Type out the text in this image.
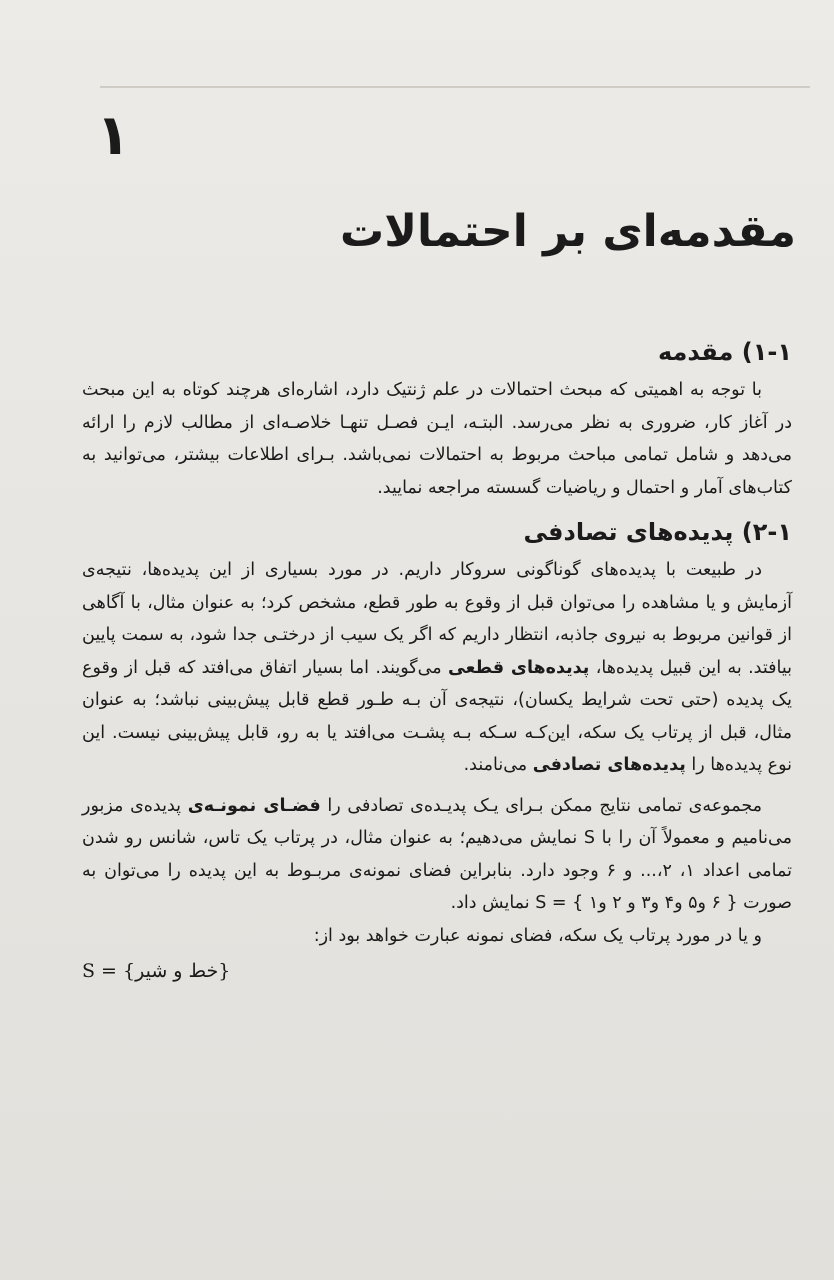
۱
مقدمه‌ای بر احتمالات
۱-۱) مقدمه

با توجه به اهمیتی که مبحث احتمالات در علم ژنتیک دارد، اشاره‌ای هرچند کوتاه به این مبحث در آغاز کار، ضروری به نظر می‌رسد. البتـه، ایـن فصـل تنهـا خلاصـه‌ای از مطالب لازم را ارائه می‌دهد و شامل تمامی مباحث مربوط به احتمالات نمی‌باشد. بـرای اطلاعات بیشتر، می‌توانید به کتاب‌های آمار و احتمال و ریاضیات گسسته مراجعه نمایید.

۲-۱) پدیده‌های تصادفی

در طبیعت با پدیده‌های گوناگونی سروکار داریم. در مورد بسیاری از این پدیده‌ها، نتیجه‌ی آزمایش و یا مشاهده را می‌توان قبل از وقوع به طور قطع، مشخص کرد؛ به عنوان مثال، با آگاهی از قوانین مربوط به نیروی جاذبه، انتظار داریم که اگر یک سیب از درختـی جدا شود، به سمت پایین بیافتد. به این قبیل پدیده‌ها، پدیده‌های قطعی می‌گویند. اما بسیار اتفاق می‌افتد که قبل از وقوع یک پدیده (حتی تحت شرایط یکسان)، نتیجه‌ی آن بـه طـور قطع قابل پیش‌بینی نباشد؛ به عنوان مثال، قبل از پرتاب یک سکه، این‌کـه سـکه بـه پشـت می‌افتد یا به رو، قابل پیش‌بینی نیست. این نوع پدیده‌ها را پدیده‌های تصادفی می‌نامند.

مجموعه‌ی تمامی نتایج ممکن بـرای یـک پدیـده‌ی تصادفی را فضـای نمونـه‌ی پدیده‌ی مزبور می‌نامیم و معمولاً آن را با S نمایش می‌دهیم؛ به عنوان مثال، در پرتاب یک تاس، شانس رو شدن تمامی اعداد ۱، ۲،... و ۶ وجود دارد. بنابراین فضای نمونه‌ی مربـوط به این پدیده را می‌توان به صورت { ۶ و۵ و۴ و۳ و ۲ و۱ } = S نمایش داد.

و یا در مورد پرتاب یک سکه، فضای نمونه عبارت خواهد بود از:

S = {خط و شیر}
